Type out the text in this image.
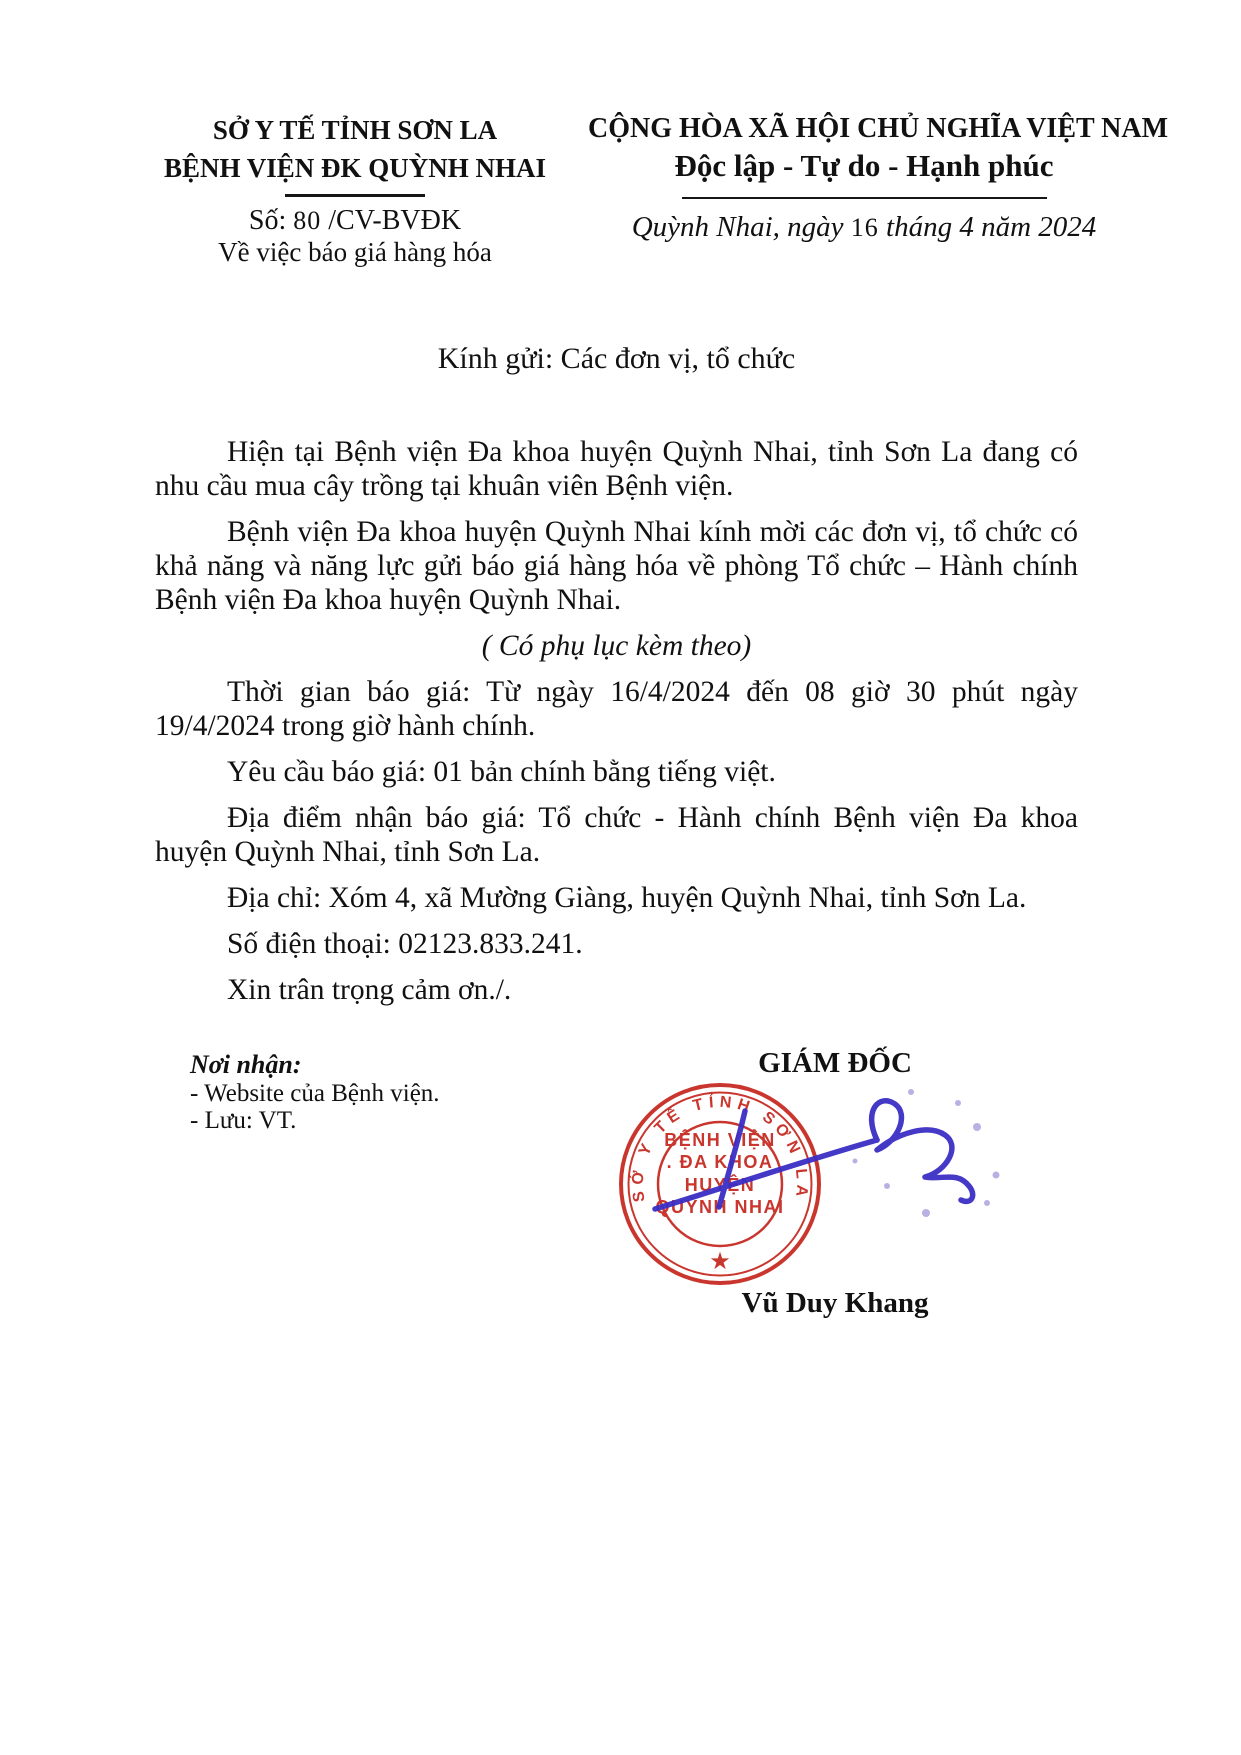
SỞ Y TẾ TỈNH SƠN LA
BỆNH VIỆN ĐK QUỲNH NHAI
Số: 80 /CV-BVĐK
Về việc báo giá hàng hóa
CỘNG HÒA XÃ HỘI CHỦ NGHĨA VIỆT NAM
Độc lập - Tự do - Hạnh phúc
Quỳnh Nhai, ngày 16 tháng 4 năm 2024
Kính gửi: Các đơn vị, tổ chức

Hiện tại Bệnh viện Đa khoa huyện Quỳnh Nhai, tỉnh Sơn La đang có nhu cầu mua cây trồng tại khuân viên Bệnh viện.

Bệnh viện Đa khoa huyện Quỳnh Nhai kính mời các đơn vị, tổ chức có khả năng và năng lực gửi báo giá hàng hóa về phòng Tổ chức – Hành chính Bệnh viện Đa khoa huyện Quỳnh Nhai.

( Có phụ lục kèm theo)

Thời gian báo giá: Từ ngày 16/4/2024 đến 08 giờ 30 phút ngày 19/4/2024 trong giờ hành chính.

Yêu cầu báo giá: 01 bản chính bằng tiếng việt.

Địa điểm nhận báo giá: Tổ chức - Hành chính Bệnh viện Đa khoa huyện Quỳnh Nhai, tỉnh Sơn La.

Địa chỉ: Xóm 4, xã Mường Giàng, huyện Quỳnh Nhai, tỉnh Sơn La.

Số điện thoại: 02123.833.241.

Xin trân trọng cảm ơn./.

Nơi nhận:
- Website của Bệnh viện.
- Lưu: VT.
GIÁM ĐỐC
SỞ Y TẾ TỈNH SƠN LA
BỆNH VIỆN
. ĐA KHOA
HUYỆN
QUỲNH NHAI
★
Vũ Duy Khang
